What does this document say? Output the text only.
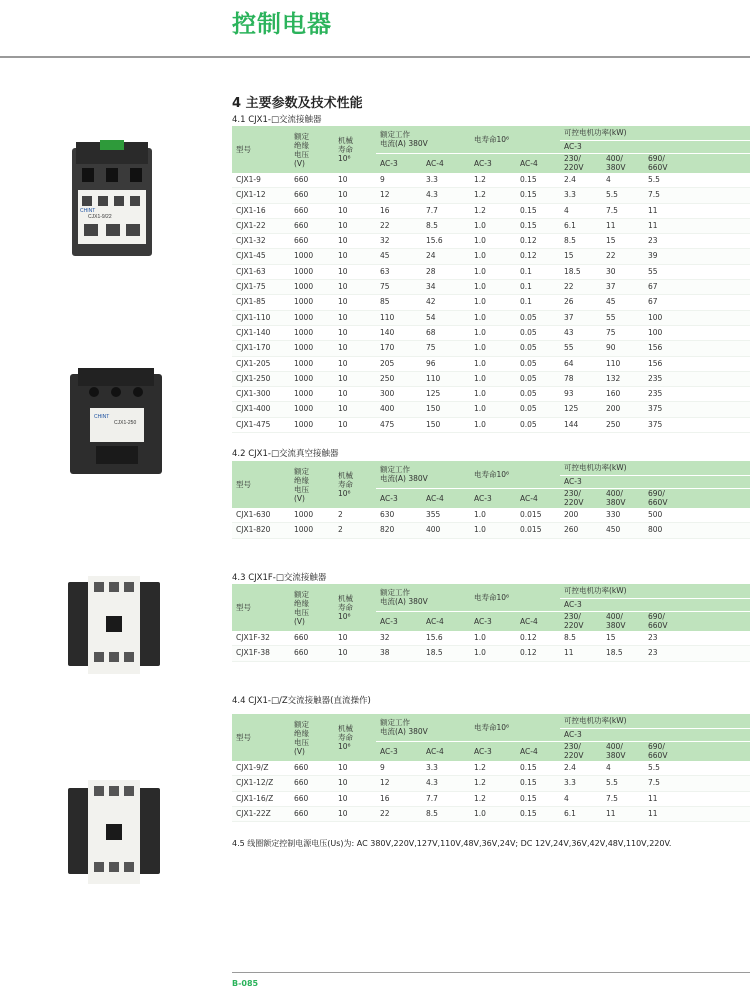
控制电器
4 主要参数及技术性能
CJX1-9/22
CHINT
CJX1-250
CHINT
4.1 CJX1-□交流接触器
4.2 CJX1-□交流真空接触器
4.3 CJX1F-□交流接触器
4.4 CJX1-□/Z交流接触器(直流操作)
型号	额定
绝缘
电压
(V)	机械
寿命
10⁶	额定工作
电流(A) 380V		电寿命10⁶		可控电机功率(kW)		
							AC-3		
			AC-3	AC-4	AC-3	AC-4	230/
220V	400/
380V	690/
660V
CJX1-9	660	10	9	3.3	1.2	0.15	2.4	4	5.5
CJX1-12	660	10	12	4.3	1.2	0.15	3.3	5.5	7.5
CJX1-16	660	10	16	7.7	1.2	0.15	4	7.5	11
CJX1-22	660	10	22	8.5	1.0	0.15	6.1	11	11
CJX1-32	660	10	32	15.6	1.0	0.12	8.5	15	23
CJX1-45	1000	10	45	24	1.0	0.12	15	22	39
CJX1-63	1000	10	63	28	1.0	0.1	18.5	30	55
CJX1-75	1000	10	75	34	1.0	0.1	22	37	67
CJX1-85	1000	10	85	42	1.0	0.1	26	45	67
CJX1-110	1000	10	110	54	1.0	0.05	37	55	100
CJX1-140	1000	10	140	68	1.0	0.05	43	75	100
CJX1-170	1000	10	170	75	1.0	0.05	55	90	156
CJX1-205	1000	10	205	96	1.0	0.05	64	110	156
CJX1-250	1000	10	250	110	1.0	0.05	78	132	235
CJX1-300	1000	10	300	125	1.0	0.05	93	160	235
CJX1-400	1000	10	400	150	1.0	0.05	125	200	375
CJX1-475	1000	10	475	150	1.0	0.05	144	250	375
型号	额定
绝缘
电压
(V)	机械
寿命
10⁶	额定工作
电流(A) 380V		电寿命10⁶		可控电机功率(kW)		
							AC-3		
			AC-3	AC-4	AC-3	AC-4	230/
220V	400/
380V	690/
660V
CJX1-630	1000	2	630	355	1.0	0.015	200	330	500
CJX1-820	1000	2	820	400	1.0	0.015	260	450	800
型号	额定
绝缘
电压
(V)	机械
寿命
10⁶	额定工作
电流(A) 380V		电寿命10⁶		可控电机功率(kW)		
							AC-3		
			AC-3	AC-4	AC-3	AC-4	230/
220V	400/
380V	690/
660V
CJX1F-32	660	10	32	15.6	1.0	0.12	8.5	15	23
CJX1F-38	660	10	38	18.5	1.0	0.12	11	18.5	23
型号	额定
绝缘
电压
(V)	机械
寿命
10⁶	额定工作
电流(A) 380V		电寿命10⁶		可控电机功率(kW)		
							AC-3		
			AC-3	AC-4	AC-3	AC-4	230/
220V	400/
380V	690/
660V
CJX1-9/Z	660	10	9	3.3	1.2	0.15	2.4	4	5.5
CJX1-12/Z	660	10	12	4.3	1.2	0.15	3.3	5.5	7.5
CJX1-16/Z	660	10	16	7.7	1.2	0.15	4	7.5	11
CJX1-22Z	660	10	22	8.5	1.0	0.15	6.1	11	11
4.5 线圈额定控制电源电压(Us)为: AC 380V,220V,127V,110V,48V,36V,24V; DC 12V,24V,36V,42V,48V,110V,220V.
B-085
